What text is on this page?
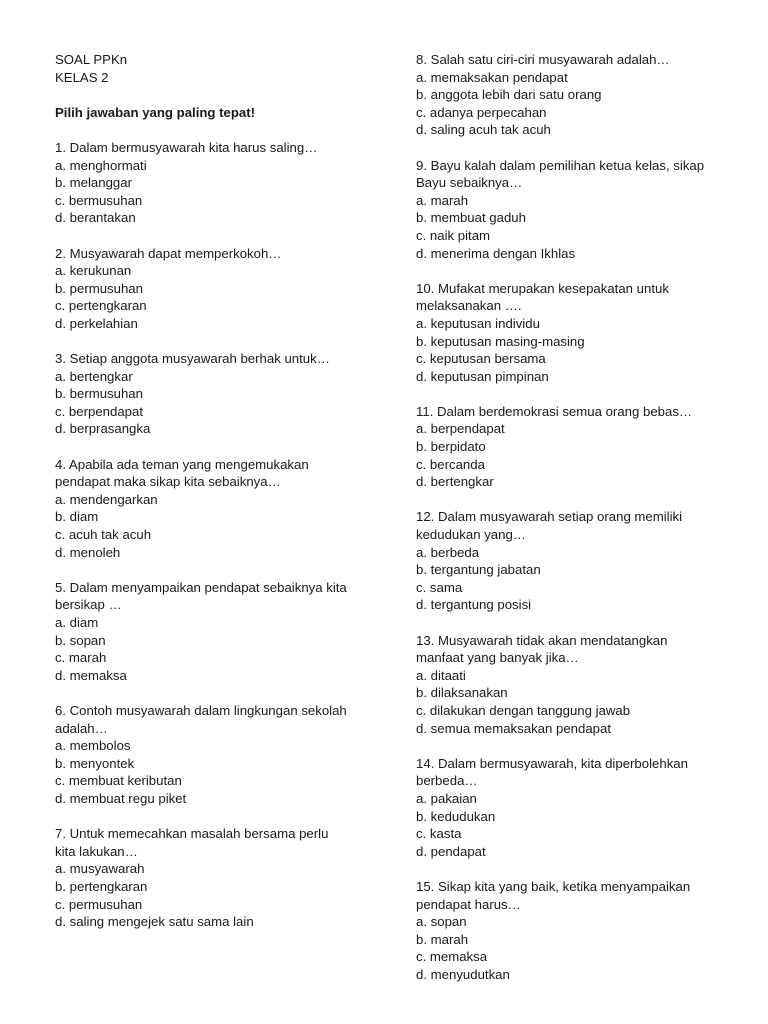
SOAL PPKn
KELAS 2
Pilih jawaban yang paling tepat!
1. Dalam bermusyawarah kita harus saling…
a. menghormati
b. melanggar
c. bermusuhan
d. berantakan
2. Musyawarah dapat memperkokoh…
a. kerukunan
b. permusuhan
c. pertengkaran
d. perkelahian
3. Setiap anggota musyawarah berhak untuk…
a. bertengkar
b. bermusuhan
c. berpendapat
d. berprasangka
4. Apabila ada teman yang mengemukakan
pendapat maka sikap kita sebaiknya…
a. mendengarkan
b. diam
c. acuh tak acuh
d. menoleh
5. Dalam menyampaikan pendapat sebaiknya kita
bersikap …
a. diam
b. sopan
c. marah
d. memaksa
6. Contoh musyawarah dalam lingkungan sekolah
adalah…
a. membolos
b. menyontek
c. membuat keributan
d. membuat regu piket
7. Untuk memecahkan masalah bersama perlu
kita lakukan…
a. musyawarah
b. pertengkaran
c. permusuhan
d. saling mengejek satu sama lain
8. Salah satu ciri-ciri musyawarah adalah…
a. memaksakan pendapat
b. anggota lebih dari satu orang
c. adanya perpecahan
d. saling acuh tak acuh
9. Bayu kalah dalam pemilihan ketua kelas, sikap
Bayu sebaiknya…
a. marah
b. membuat gaduh
c. naik pitam
d. menerima dengan Ikhlas
10. Mufakat merupakan kesepakatan untuk
melaksanakan ….
a. keputusan individu
b. keputusan masing-masing
c. keputusan bersama
d. keputusan pimpinan
11. Dalam berdemokrasi semua orang bebas…
a. berpendapat
b. berpidato
c. bercanda
d. bertengkar
12. Dalam musyawarah setiap orang memiliki
kedudukan yang…
a. berbeda
b. tergantung jabatan
c. sama
d. tergantung posisi
13. Musyawarah tidak akan mendatangkan
manfaat yang banyak jika…
a. ditaati
b. dilaksanakan
c. dilakukan dengan tanggung jawab
d. semua memaksakan pendapat
14. Dalam bermusyawarah, kita diperbolehkan
berbeda…
a. pakaian
b. kedudukan
c. kasta
d. pendapat
15. Sikap kita yang baik, ketika menyampaikan
pendapat harus…
a. sopan
b. marah
c. memaksa
d. menyudutkan
